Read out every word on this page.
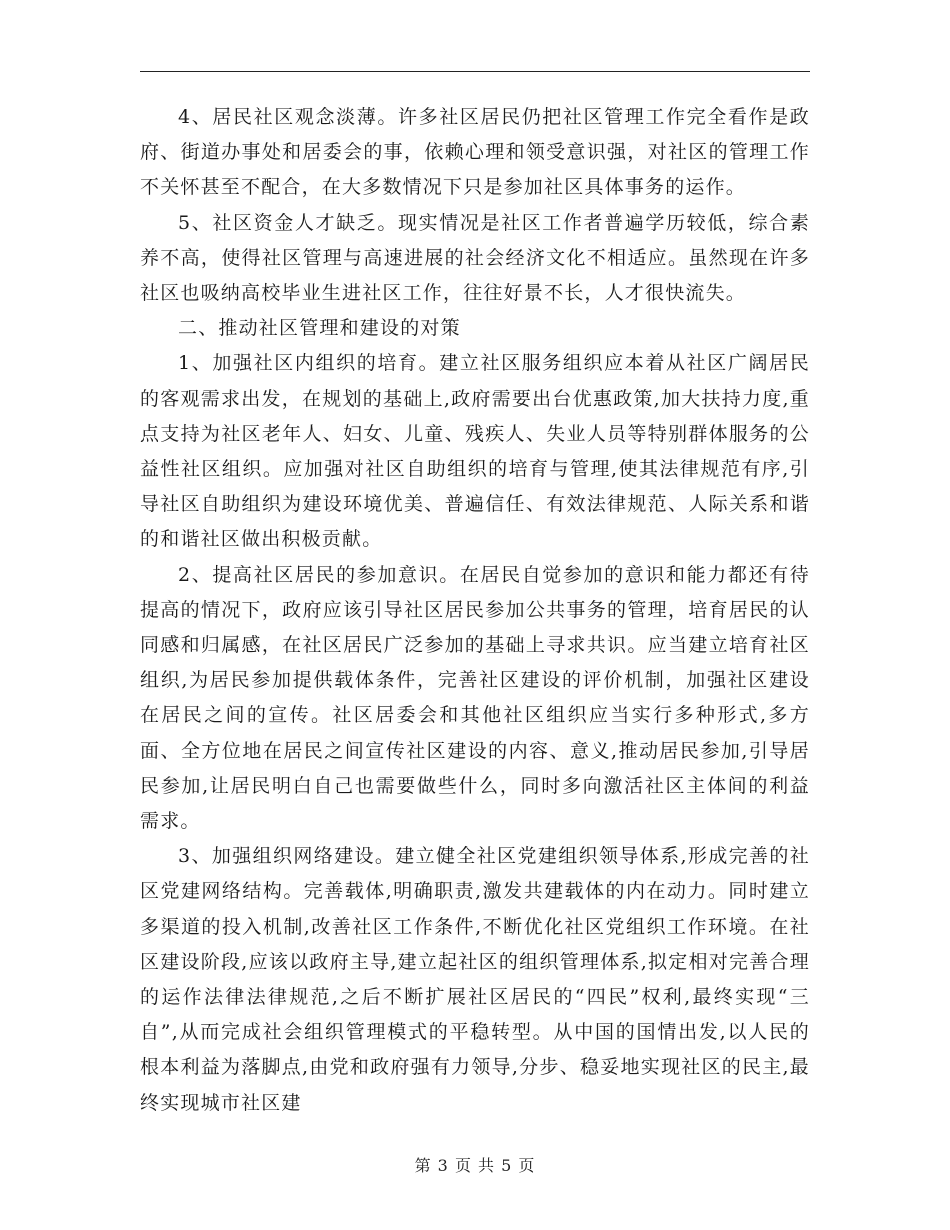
4、居民社区观念淡薄。许多社区居民仍把社区管理工作完全看作是政府、街道办事处和居委会的事，依赖心理和领受意识强，对社区的管理工作不关怀甚至不配合，在大多数情况下只是参加社区具体事务的运作。

5、社区资金人才缺乏。现实情况是社区工作者普遍学历较低，综合素养不高，使得社区管理与高速进展的社会经济文化不相适应。虽然现在许多社区也吸纳高校毕业生进社区工作，往往好景不长，人才很快流失。

二、推动社区管理和建设的对策

1、加强社区内组织的培育。建立社区服务组织应本着从社区广阔居民的客观需求出发，在规划的基础上,政府需要出台优惠政策,加大扶持力度,重点支持为社区老年人、妇女、儿童、残疾人、失业人员等特别群体服务的公益性社区组织。应加强对社区自助组织的培育与管理,使其法律规范有序,引导社区自助组织为建设环境优美、普遍信任、有效法律规范、人际关系和谐的和谐社区做出积极贡献。

2、提高社区居民的参加意识。在居民自觉参加的意识和能力都还有待提高的情况下，政府应该引导社区居民参加公共事务的管理，培育居民的认同感和归属感，在社区居民广泛参加的基础上寻求共识。应当建立培育社区组织,为居民参加提供载体条件，完善社区建设的评价机制，加强社区建设在居民之间的宣传。社区居委会和其他社区组织应当实行多种形式,多方面、全方位地在居民之间宣传社区建设的内容、意义,推动居民参加,引导居民参加,让居民明白自己也需要做些什么，同时多向激活社区主体间的利益需求。

3、加强组织网络建设。建立健全社区党建组织领导体系,形成完善的社区党建网络结构。完善载体,明确职责,激发共建载体的内在动力。同时建立多渠道的投入机制,改善社区工作条件,不断优化社区党组织工作环境。在社区建设阶段,应该以政府主导,建立起社区的组织管理体系,拟定相对完善合理的运作法律法律规范,之后不断扩展社区居民的“四民”权利,最终实现“三自”,从而完成社会组织管理模式的平稳转型。从中国的国情出发,以人民的根本利益为落脚点,由党和政府强有力领导,分步、稳妥地实现社区的民主,最终实现城市社区建

第 3 页 共 5 页
